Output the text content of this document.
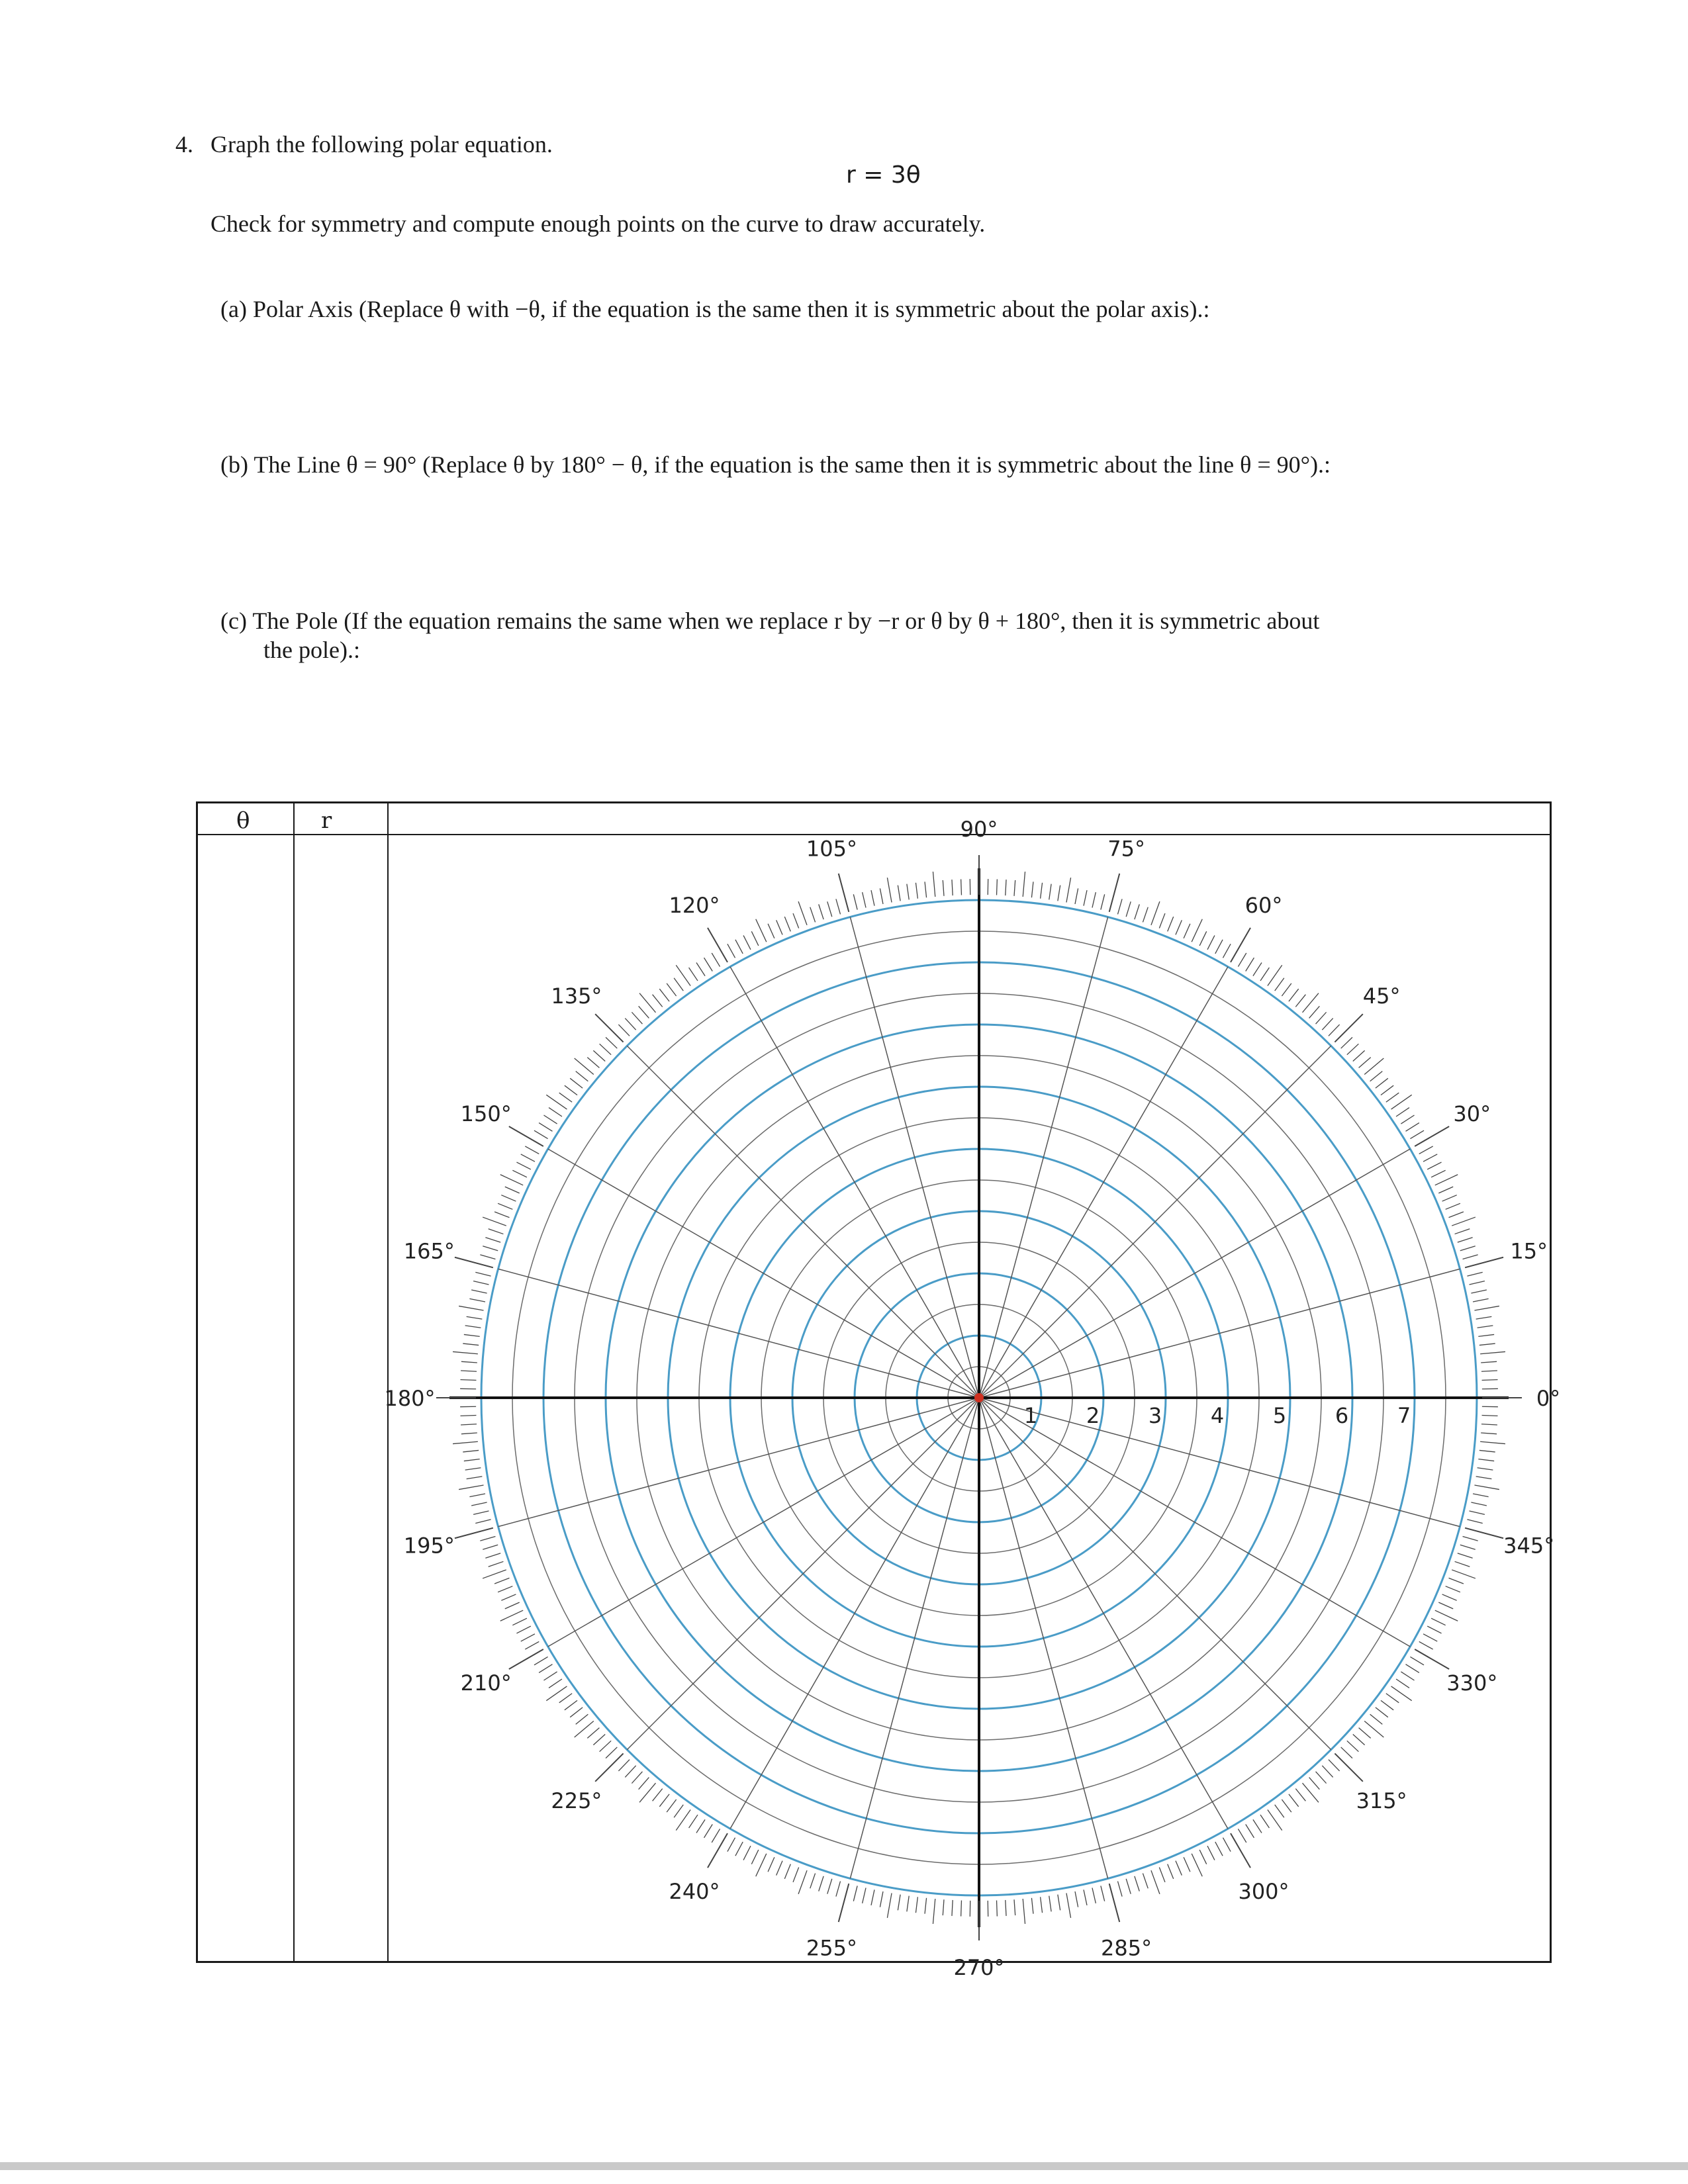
4. Graph the following polar equation.
r = 3θ
Check for symmetry and compute enough points on the curve to draw accurately.
(a) Polar Axis (Replace θ with −θ, if the equation is the same then it is symmetric about the polar axis).:
(b) The Line θ = 90° (Replace θ by 180° − θ, if the equation is the same then it is symmetric about the line θ = 90°).:
(c) The Pole (If the equation remains the same when we replace r by −r or θ by θ + 180°, then it is symmetric about
the pole).:
θ	r
0°
15°
30°
45°
60°
75°
90°
105°
120°
135°
150°
165°
180°
195°
210°
225°
240°
255°
270°
285°
300°
315°
330°
345°
1 2 3 4 5 6 7
